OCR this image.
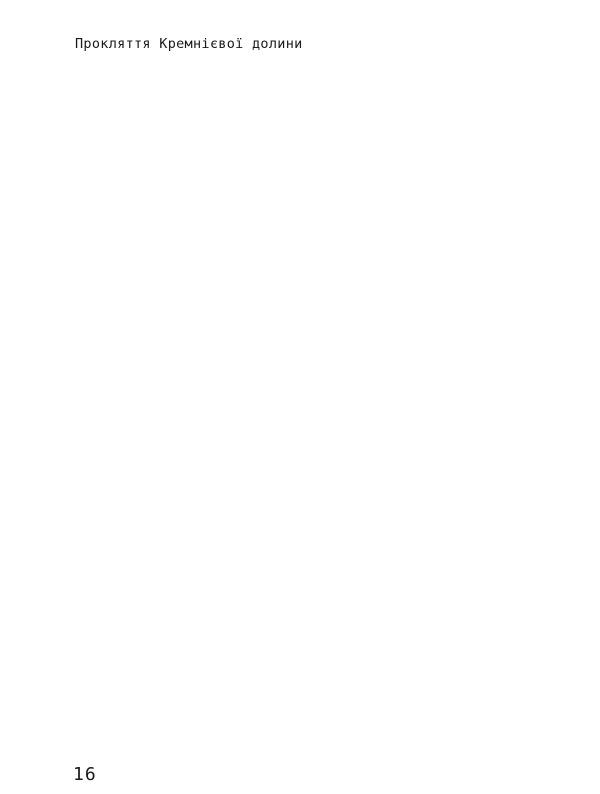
Прокляття Кремнієвої долини
16
